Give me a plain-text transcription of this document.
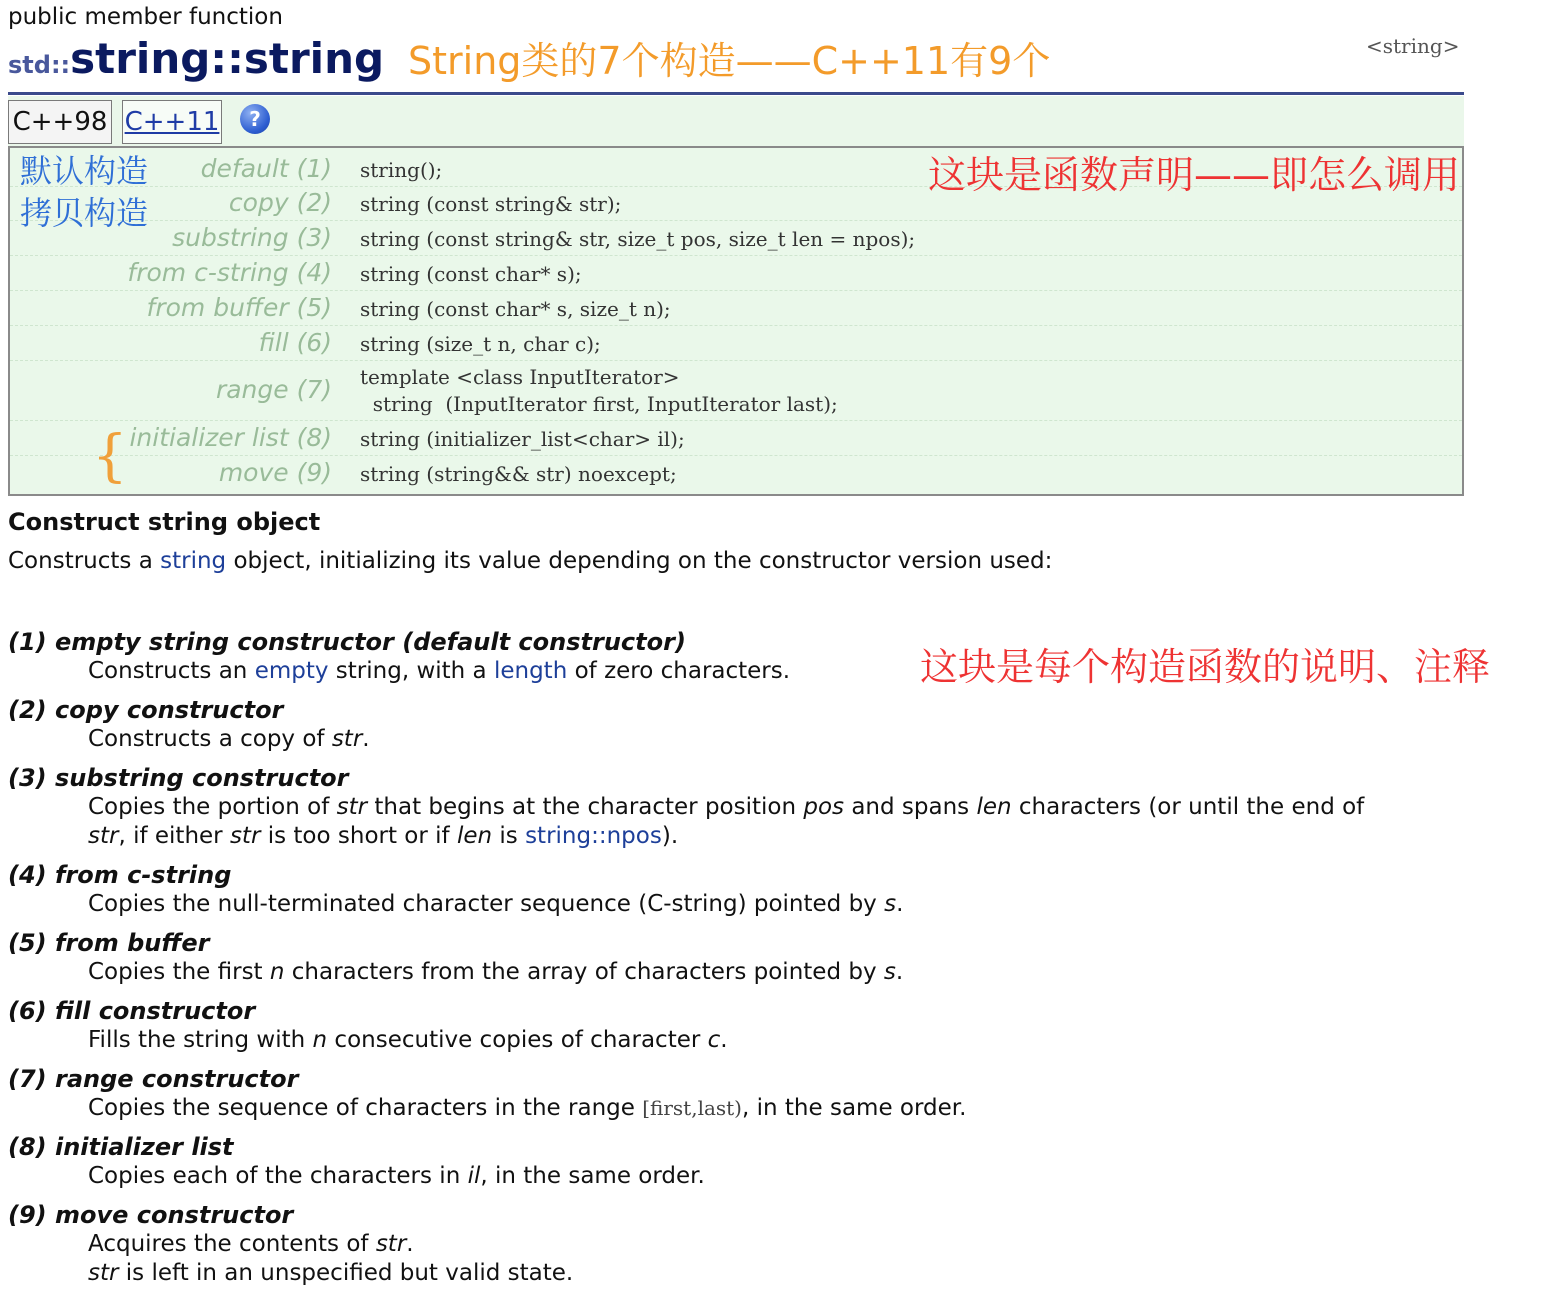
public member function
std::string::string String类的7个构造——C++11有9个	<string>
C++98 C++11	?
default (1) string();
copy (2) string (const string& str);
substring (3) string (const string& str, size_t pos, size_t len = npos);
from c-string (4) string (const char* s);
from buffer (5) string (const char* s, size_t n);
fill (6) string (size_t n, char c);
range (7) template <class InputIterator>
string  (InputIterator first, InputIterator last);
initializer list (8) string (initializer_list<char> il);
move (9) string (string&& str) noexcept;
默认构造
拷贝构造
这块是函数声明——即怎么调用
{
Construct string object
Constructs a string object, initializing its value depending on the constructor version used:
这块是每个构造函数的说明、注释
(1) empty string constructor (default constructor)
Constructs an empty string, with a length of zero characters.
(2) copy constructor
Constructs a copy of str.
(3) substring constructor
Copies the portion of str that begins at the character position pos and spans len characters (or until the end of
str, if either str is too short or if len is string::npos).
(4) from c-string
Copies the null-terminated character sequence (C-string) pointed by s.
(5) from buffer
Copies the first n characters from the array of characters pointed by s.
(6) fill constructor
Fills the string with n consecutive copies of character c.
(7) range constructor
Copies the sequence of characters in the range [first,last), in the same order.
(8) initializer list
Copies each of the characters in il, in the same order.
(9) move constructor
Acquires the contents of str.
str is left in an unspecified but valid state.
